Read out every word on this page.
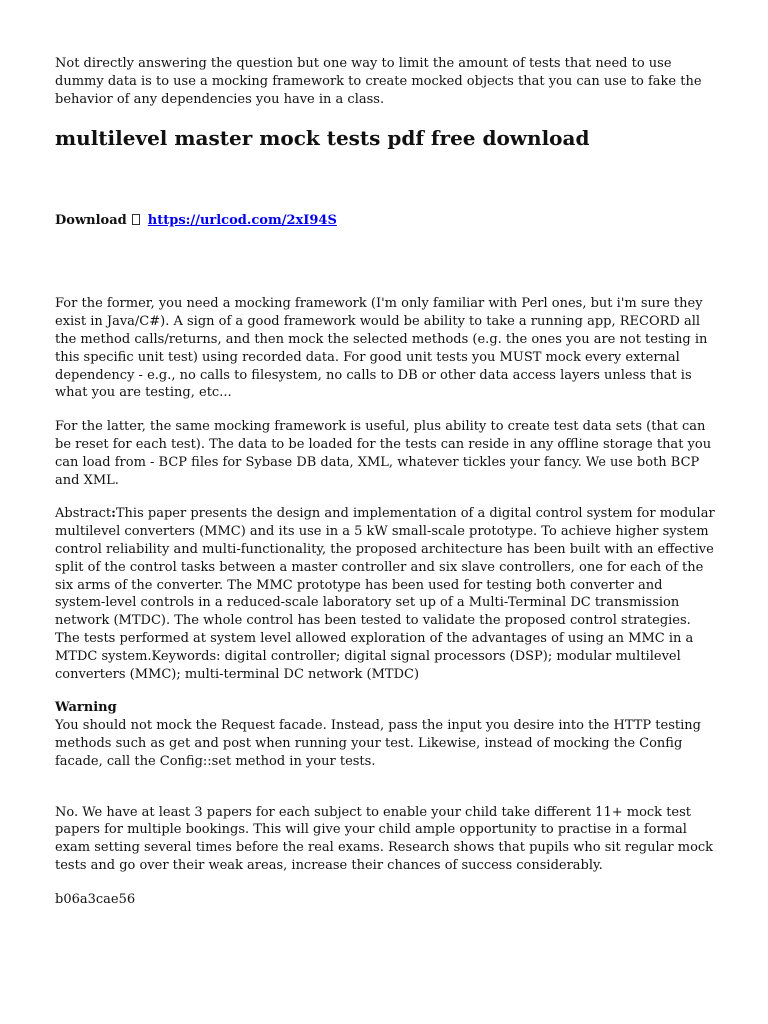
Not directly answering the question but one way to limit the amount of tests that need to use dummy data is to use a mocking framework to create mocked objects that you can use to fake the behavior of any dependencies you have in a class.

multilevel master mock tests pdf free download
Download https://urlcod.com/2xI94S

For the former, you need a mocking framework (I'm only familiar with Perl ones, but i'm sure they exist in Java/C#). A sign of a good framework would be ability to take a running app, RECORD all the method calls/returns, and then mock the selected methods (e.g. the ones you are not testing in this specific unit test) using recorded data. For good unit tests you MUST mock every external dependency - e.g., no calls to filesystem, no calls to DB or other data access layers unless that is what you are testing, etc...

For the latter, the same mocking framework is useful, plus ability to create test data sets (that can be reset for each test). The data to be loaded for the tests can reside in any offline storage that you can load from - BCP files for Sybase DB data, XML, whatever tickles your fancy. We use both BCP and XML.

Abstract:This paper presents the design and implementation of a digital control system for modular multilevel converters (MMC) and its use in a 5 kW small-scale prototype. To achieve higher system control reliability and multi-functionality, the proposed architecture has been built with an effective split of the control tasks between a master controller and six slave controllers, one for each of the six arms of the converter. The MMC prototype has been used for testing both converter and system-level controls in a reduced-scale laboratory set up of a Multi-Terminal DC transmission network (MTDC). The whole control has been tested to validate the proposed control strategies. The tests performed at system level allowed exploration of the advantages of using an MMC in a MTDC system.Keywords: digital controller; digital signal processors (DSP); modular multilevel converters (MMC); multi-terminal DC network (MTDC)

Warning

You should not mock the Request facade. Instead, pass the input you desire into the HTTP testing methods such as get and post when running your test. Likewise, instead of mocking the Config facade, call the Config::set method in your tests.

No. We have at least 3 papers for each subject to enable your child take different 11+ mock test papers for multiple bookings. This will give your child ample opportunity to practise in a formal exam setting several times before the real exams. Research shows that pupils who sit regular mock tests and go over their weak areas, increase their chances of success considerably.

b06a3cae56
